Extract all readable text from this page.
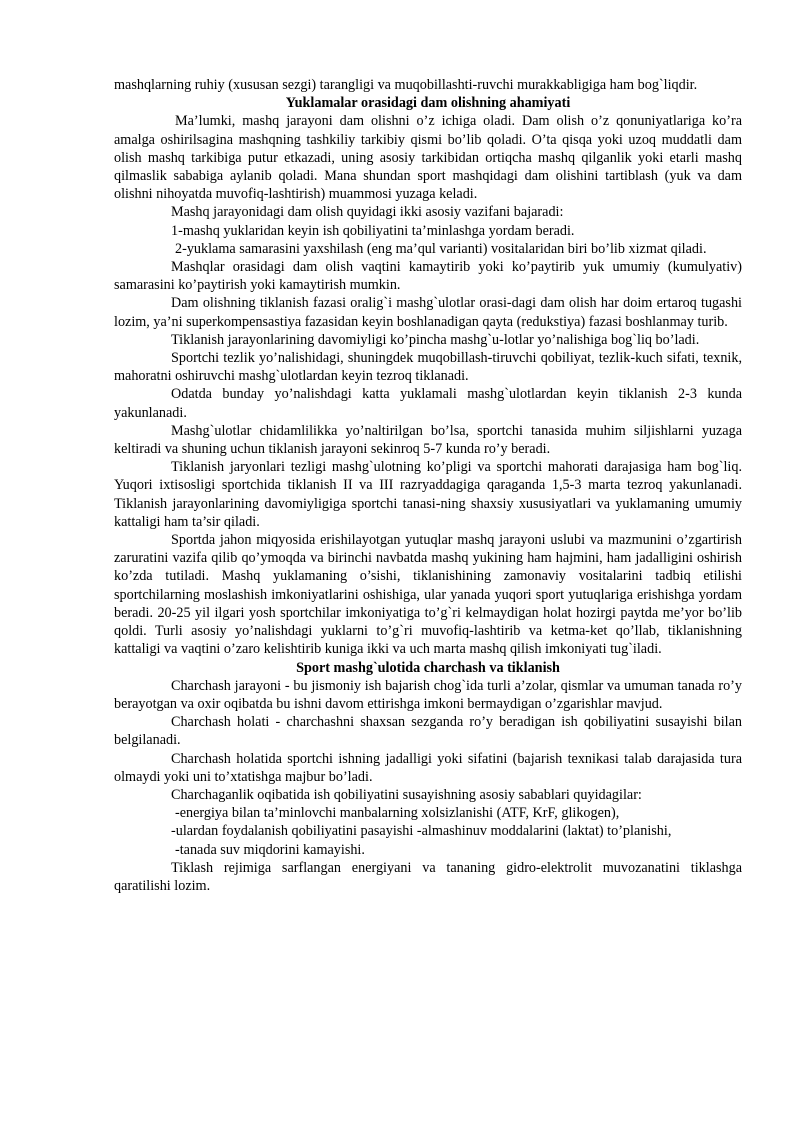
mashqlarning ruhiy (xususan sezgi) tarangligi va muqobillashti-ruvchi murakkabligiga ham bog`liqdir.

Yuklamalar orasidagi dam olishning ahamiyati

Ma’lumki, mashq jarayoni dam olishni o’z ichiga oladi. Dam olish o’z qonuniyatlariga ko’ra amalga oshirilsagina mashqning tashkiliy tarkibiy qismi bo’lib qoladi. O’ta qisqa yoki uzoq muddatli dam olish mashq tarkibiga putur etkazadi, uning asosiy tarkibidan ortiqcha mashq qilganlik yoki etarli mashq qilmaslik sababiga aylanib qoladi. Mana shundan sport mashqidagi dam olishini tartiblash (yuk va dam olishni nihoyatda muvofiq-lashtirish) muammosi yuzaga keladi.

Mashq jarayonidagi dam olish quyidagi ikki asosiy vazifani bajaradi:

1-mashq yuklaridan keyin ish qobiliyatini ta’minlashga yordam beradi.

2-yuklama samarasini yaxshilash (eng ma’qul varianti) vositalaridan biri bo’lib xizmat qiladi.

Mashqlar orasidagi dam olish vaqtini kamaytirib yoki ko’paytirib yuk umumiy (kumulyativ) samarasini ko’paytirish yoki kamaytirish mumkin.

Dam olishning tiklanish fazasi oralig`i mashg`ulotlar orasi-dagi dam olish har doim ertaroq tugashi lozim, ya’ni superkompensastiya fazasidan keyin boshlanadigan qayta (redukstiya) fazasi boshlanmay turib.

Tiklanish jarayonlarining davomiyligi ko’pincha mashg`u-lotlar yo’nalishiga bog`liq bo’ladi.

Sportchi tezlik yo’nalishidagi, shuningdek muqobillash-tiruvchi qobiliyat, tezlik-kuch sifati, texnik, mahoratni oshiruvchi mashg`ulotlardan keyin tezroq tiklanadi.

Odatda bunday yo’nalishdagi katta yuklamali mashg`ulotlardan keyin tiklanish 2-3 kunda yakunlanadi.

Mashg`ulotlar chidamlilikka yo’naltirilgan bo’lsa, sportchi tanasida muhim siljishlarni yuzaga keltiradi va shuning uchun tiklanish jarayoni sekinroq 5-7 kunda ro’y beradi.

Tiklanish jaryonlari tezligi mashg`ulotning ko’pligi va sportchi mahorati darajasiga ham bog`liq. Yuqori ixtisosligi sportchida tiklanish II va III razryaddagiga qaraganda 1,5-3 marta tezroq yakunlanadi. Tiklanish jarayonlarining davomiyligiga sportchi tanasi-ning shaxsiy xususiyatlari va yuklamaning umumiy kattaligi ham ta’sir qiladi.

Sportda jahon miqyosida erishilayotgan yutuqlar mashq jarayoni uslubi va mazmunini o’zgartirish zaruratini vazifa qilib qo’ymoqda va birinchi navbatda mashq yukining ham hajmini, ham jadalligini oshirish ko’zda tutiladi. Mashq yuklamaning o’sishi, tiklanishining zamonaviy vositalarini tadbiq etilishi sportchilarning moslashish imkoniyatlarini oshishiga, ular yanada yuqori sport yutuqlariga erishishga yordam beradi. 20-25 yil ilgari yosh sportchilar imkoniyatiga to’g`ri kelmaydigan holat hozirgi paytda me’yor bo’lib qoldi. Turli asosiy yo’nalishdagi yuklarni to’g`ri muvofiq-lashtirib va ketma-ket qo’llab, tiklanishning kattaligi va vaqtini o’zaro kelishtirib kuniga ikki va uch marta mashq qilish imkoniyati tug`iladi.

Sport mashg`ulotida charchash va tiklanish

Charchash jarayoni - bu jismoniy ish bajarish chog`ida turli a’zolar, qismlar va umuman tanada ro’y berayotgan va oxir oqibatda bu ishni davom ettirishga imkoni bermaydigan o’zgarishlar mavjud.

Charchash holati - charchashni shaxsan sezganda ro’y beradigan ish qobiliyatini susayishi bilan belgilanadi.

Charchash holatida sportchi ishning jadalligi yoki sifatini (bajarish texnikasi talab darajasida tura olmaydi yoki uni to’xtatishga majbur bo’ladi.

Charchaganlik oqibatida ish qobiliyatini susayishning asosiy sabablari quyidagilar:

-energiya bilan ta’minlovchi manbalarning xolsizlanishi (ATF, KrF, glikogen),

-ulardan foydalanish qobiliyatini pasayishi -almashinuv moddalarini (laktat) to’planishi,

-tanada suv miqdorini kamayishi.

Tiklash rejimiga sarflangan energiyani va tananing gidro-elektrolit muvozanatini tiklashga qaratilishi lozim.
